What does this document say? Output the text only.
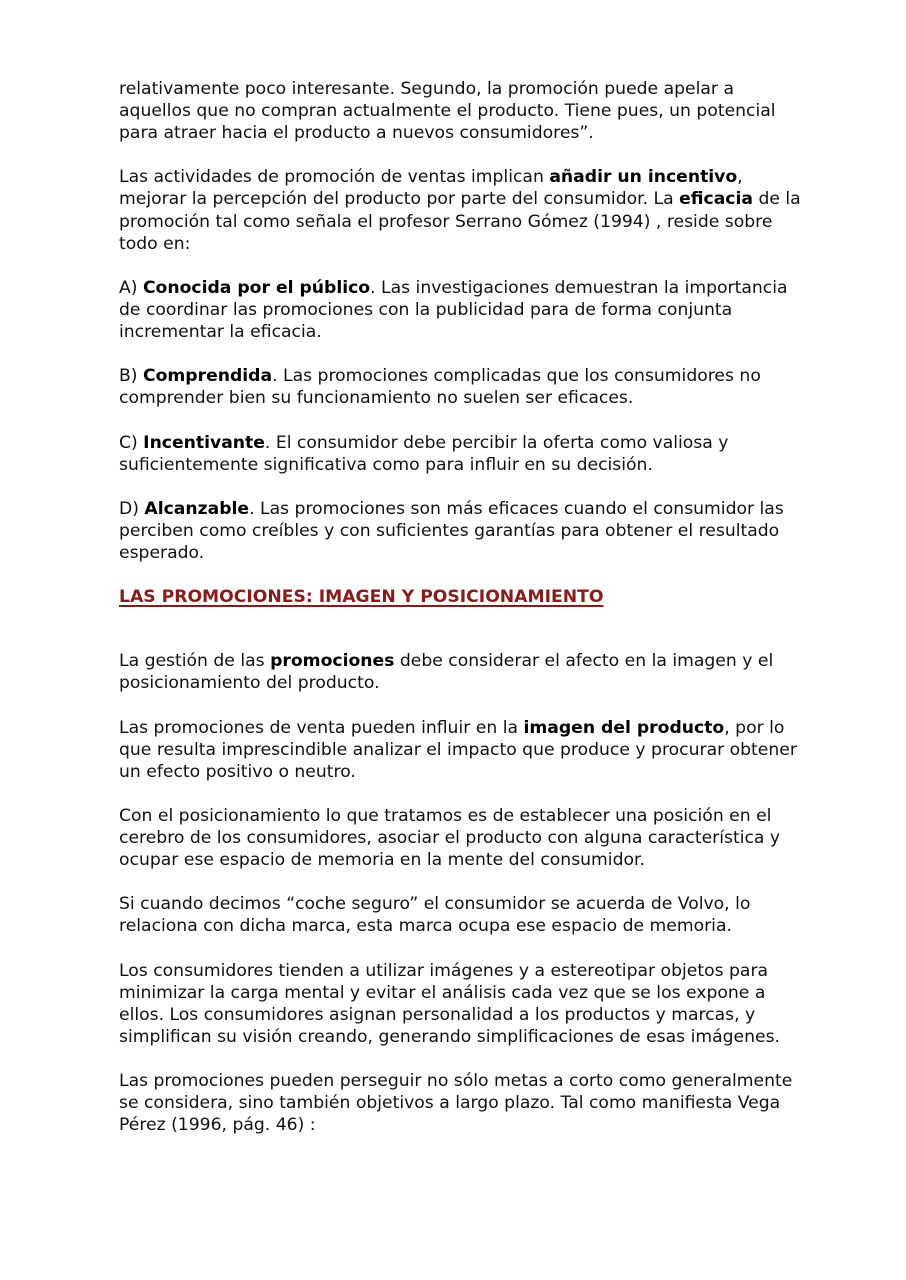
relativamente poco interesante. Segundo, la promoción puede apelar a aquellos que no compran actualmente el producto. Tiene pues, un potencial para atraer hacia el producto a nuevos consumidores”.

Las actividades de promoción de ventas implican añadir un incentivo, mejorar la percepción del producto por parte del consumidor. La eficacia de la promoción tal como señala el profesor Serrano Gómez (1994) , reside sobre todo en:

A) Conocida por el público. Las investigaciones demuestran la importancia de coordinar las promociones con la publicidad para de forma conjunta incrementar la eficacia.

B) Comprendida. Las promociones complicadas que los consumidores no comprender bien su funcionamiento no suelen ser eficaces.

C) Incentivante. El consumidor debe percibir la oferta como valiosa y suficientemente significativa como para influir en su decisión.

D) Alcanzable. Las promociones son más eficaces cuando el consumidor las perciben como creíbles y con suficientes garantías para obtener el resultado esperado.

LAS PROMOCIONES: IMAGEN Y POSICIONAMIENTO

La gestión de las promociones debe considerar el afecto en la imagen y el posicionamiento del producto.

Las promociones de venta pueden influir en la imagen del producto, por lo que resulta imprescindible analizar el impacto que produce y procurar obtener un efecto positivo o neutro.

Con el posicionamiento lo que tratamos es de establecer una posición en el cerebro de los consumidores, asociar el producto con alguna característica y ocupar ese espacio de memoria en la mente del consumidor.

Si cuando decimos “coche seguro” el consumidor se acuerda de Volvo, lo relaciona con dicha marca, esta marca ocupa ese espacio de memoria.

Los consumidores tienden a utilizar imágenes y a estereotipar objetos para minimizar la carga mental y evitar el análisis cada vez que se los expone a ellos. Los consumidores asignan personalidad a los productos y marcas, y simplifican su visión creando, generando simplificaciones de esas imágenes.

Las promociones pueden perseguir no sólo metas a corto como generalmente se considera, sino también objetivos a largo plazo. Tal como manifiesta Vega Pérez (1996, pág. 46) :
